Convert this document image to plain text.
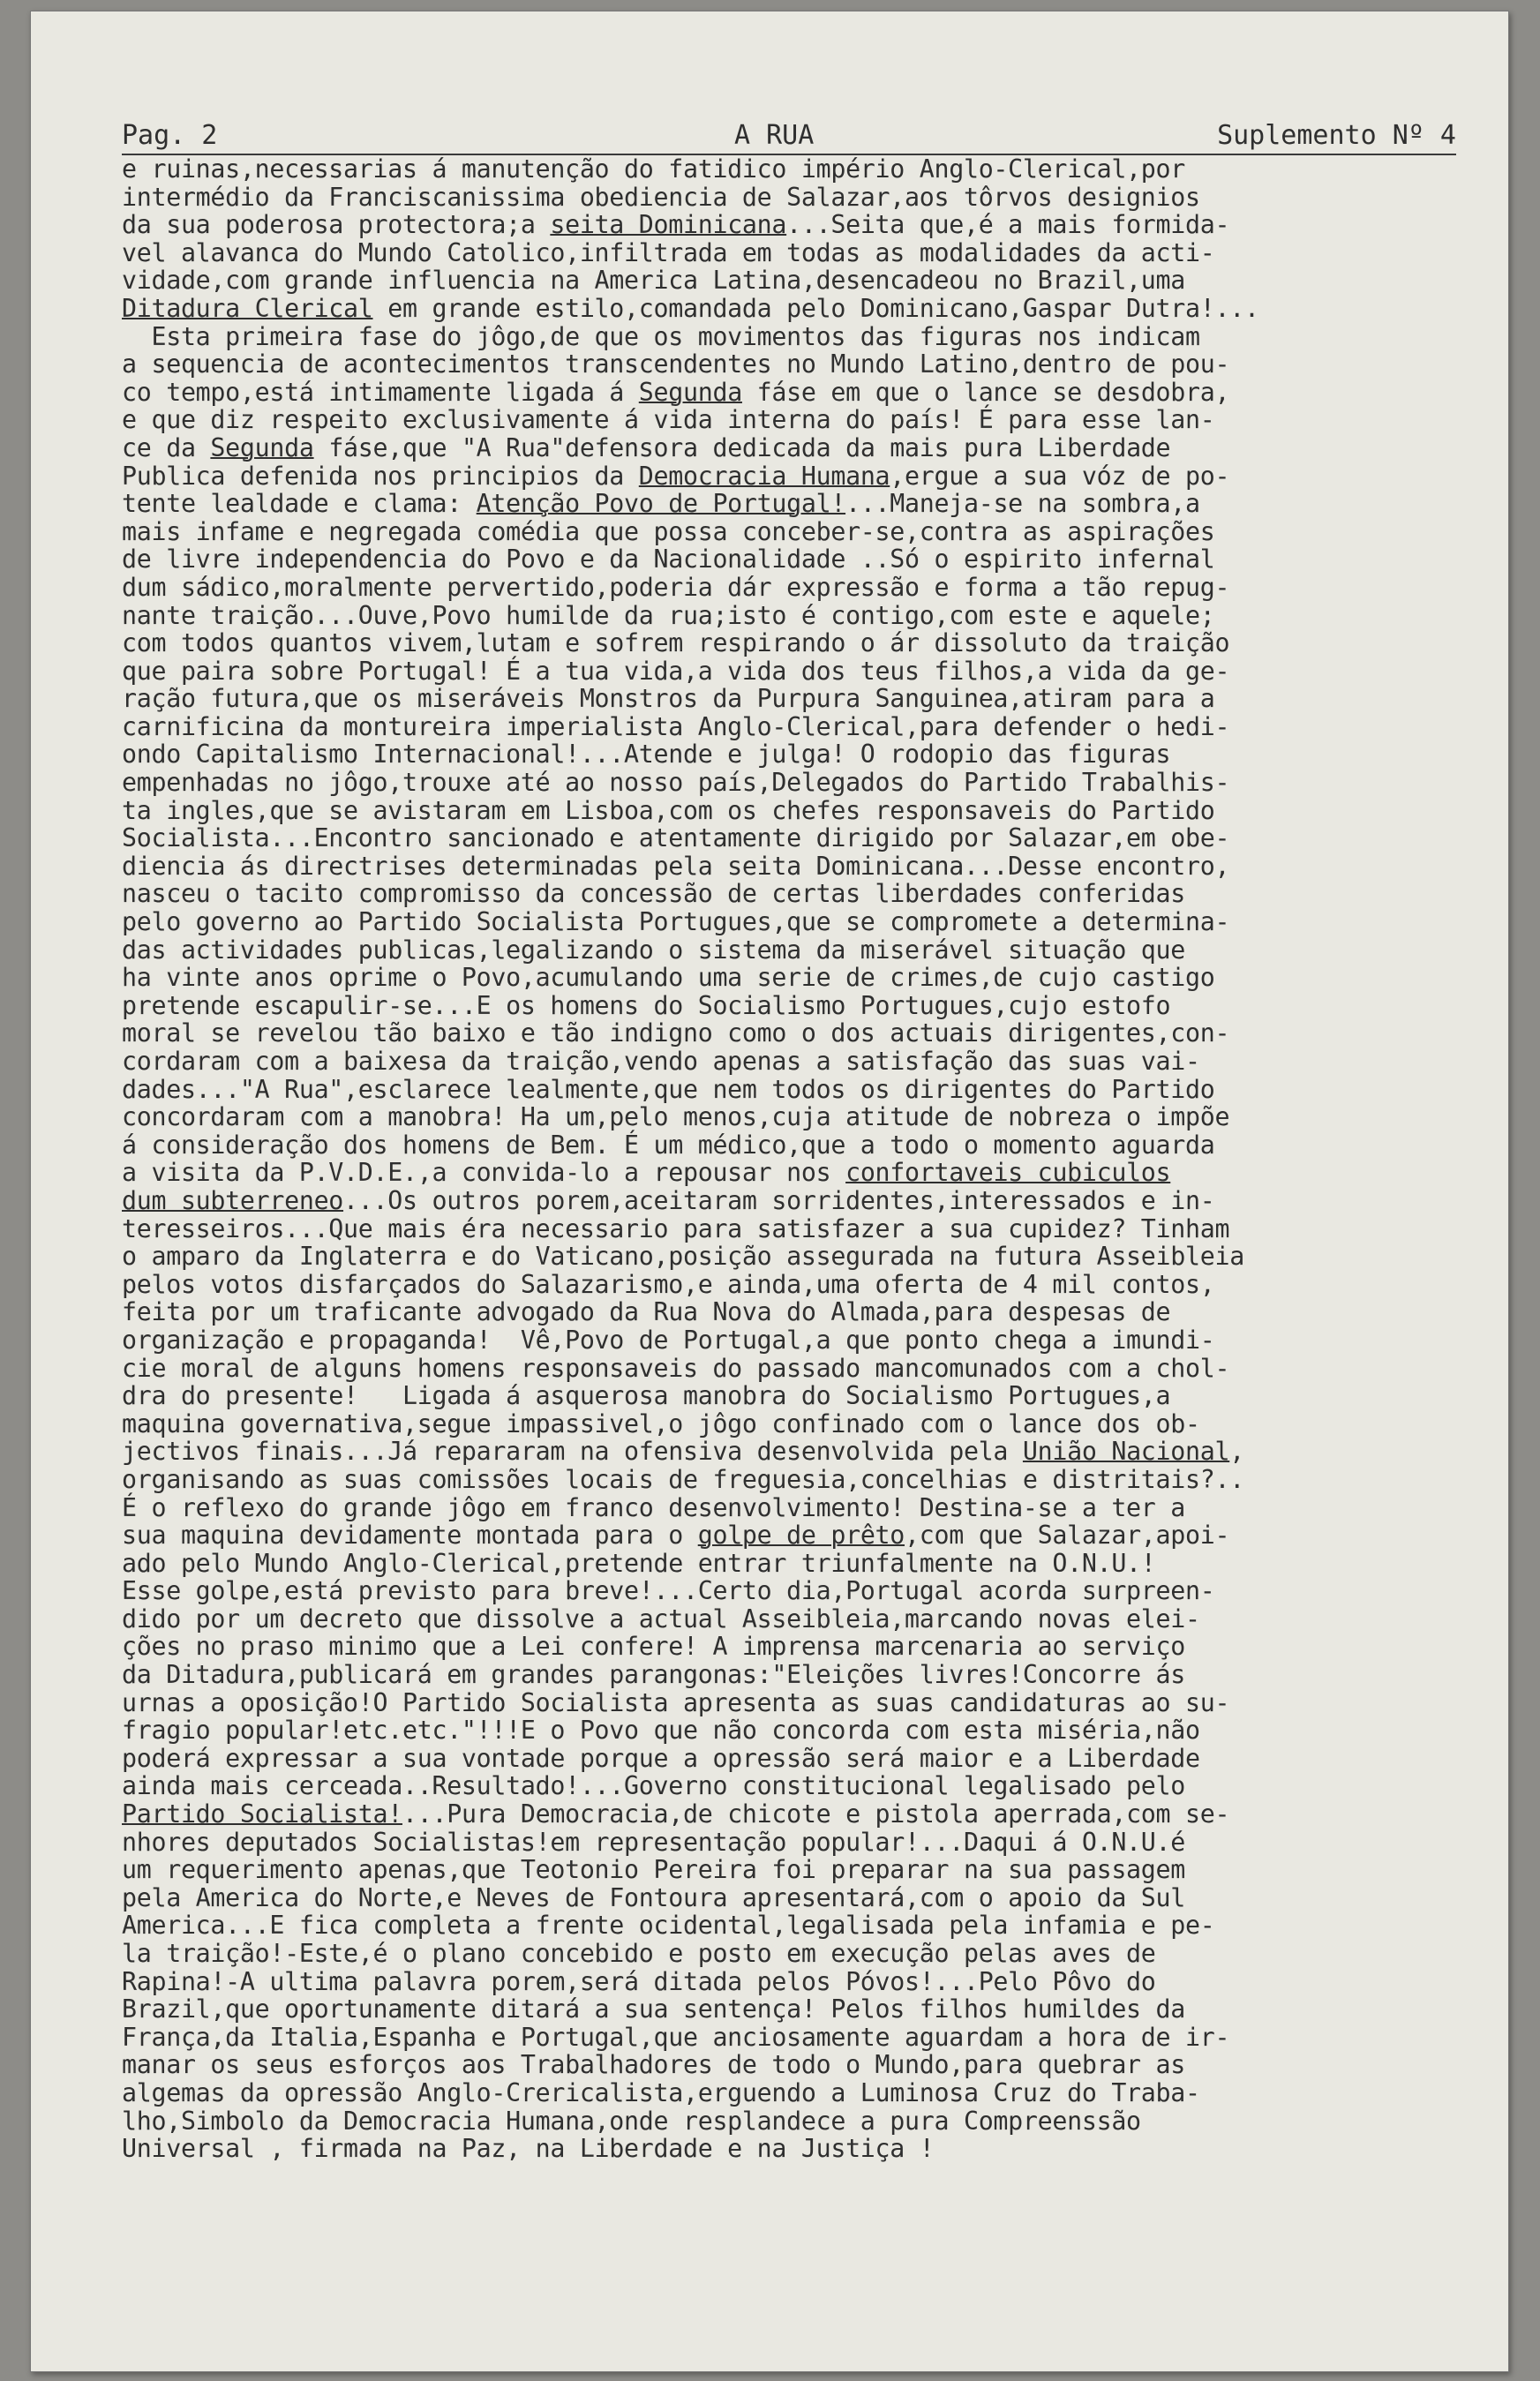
Pag. 2	A RUA	Suplemento Nº 4
e ruinas,necessarias á manutenção do fatidico império Anglo-Clerical,por
intermédio da Franciscanissima obediencia de Salazar,aos tôrvos designios
da sua poderosa protectora;a seita Dominicana...Seita que,é a mais formida-
vel alavanca do Mundo Catolico,infiltrada em todas as modalidades da acti-
vidade,com grande influencia na America Latina,desencadeou no Brazil,uma
Ditadura Clerical em grande estilo,comandada pelo Dominicano,Gaspar Dutra!...
Esta primeira fase do jôgo,de que os movimentos das figuras nos indicam
a sequencia de acontecimentos transcendentes no Mundo Latino,dentro de pou-
co tempo,está intimamente ligada á Segunda fáse em que o lance se desdobra,
e que diz respeito exclusivamente á vida interna do país! É para esse lan-
ce da Segunda fáse,que "A Rua"defensora dedicada da mais pura Liberdade
Publica defenida nos principios da Democracia Humana,ergue a sua vóz de po-
tente lealdade e clama: Atenção Povo de Portugal!...Maneja-se na sombra,a
mais infame e negregada comédia que possa conceber-se,contra as aspirações
de livre independencia do Povo e da Nacionalidade ..Só o espirito infernal
dum sádico,moralmente pervertido,poderia dár expressão e forma a tão repug-
nante traição...Ouve,Povo humilde da rua;isto é contigo,com este e aquele;
com todos quantos vivem,lutam e sofrem respirando o ár dissoluto da traição
que paira sobre Portugal! É a tua vida,a vida dos teus filhos,a vida da ge-
ração futura,que os miseráveis Monstros da Purpura Sanguinea,atiram para a
carnificina da montureira imperialista Anglo-Clerical,para defender o hedi-
ondo Capitalismo Internacional!...Atende e julga! O rodopio das figuras
empenhadas no jôgo,trouxe até ao nosso país,Delegados do Partido Trabalhis-
ta ingles,que se avistaram em Lisboa,com os chefes responsaveis do Partido
Socialista...Encontro sancionado e atentamente dirigido por Salazar,em obe-
diencia ás directrises determinadas pela seita Dominicana...Desse encontro,
nasceu o tacito compromisso da concessão de certas liberdades conferidas
pelo governo ao Partido Socialista Portugues,que se compromete a determina-
das actividades publicas,legalizando o sistema da miserável situação que
ha vinte anos oprime o Povo,acumulando uma serie de crimes,de cujo castigo
pretende escapulir-se...E os homens do Socialismo Portugues,cujo estofo
moral se revelou tão baixo e tão indigno como o dos actuais dirigentes,con-
cordaram com a baixesa da traição,vendo apenas a satisfação das suas vai-
dades..."A Rua",esclarece lealmente,que nem todos os dirigentes do Partido
concordaram com a manobra! Ha um,pelo menos,cuja atitude de nobreza o impõe
á consideração dos homens de Bem. É um médico,que a todo o momento aguarda
a visita da P.V.D.E.,a convida-lo a repousar nos confortaveis cubiculos
dum subterreneo...Os outros porem,aceitaram sorridentes,interessados e in-
teresseiros...Que mais éra necessario para satisfazer a sua cupidez? Tinham
o amparo da Inglaterra e do Vaticano,posição assegurada na futura Asseibleia
pelos votos disfarçados do Salazarismo,e ainda,uma oferta de 4 mil contos,
feita por um traficante advogado da Rua Nova do Almada,para despesas de
organização e propaganda!  Vê,Povo de Portugal,a que ponto chega a imundi-
cie moral de alguns homens responsaveis do passado mancomunados com a chol-
dra do presente!   Ligada á asquerosa manobra do Socialismo Portugues,a
maquina governativa,segue impassivel,o jôgo confinado com o lance dos ob-
jectivos finais...Já repararam na ofensiva desenvolvida pela União Nacional,
organisando as suas comissões locais de freguesia,concelhias e distritais?..
É o reflexo do grande jôgo em franco desenvolvimento! Destina-se a ter a
sua maquina devidamente montada para o golpe de prêto,com que Salazar,apoi-
ado pelo Mundo Anglo-Clerical,pretende entrar triunfalmente na O.N.U.!
Esse golpe,está previsto para breve!...Certo dia,Portugal acorda surpreen-
dido por um decreto que dissolve a actual Asseibleia,marcando novas elei-
ções no praso minimo que a Lei confere! A imprensa marcenaria ao serviço
da Ditadura,publicará em grandes parangonas:"Eleições livres!Concorre ás
urnas a oposição!O Partido Socialista apresenta as suas candidaturas ao su-
fragio popular!etc.etc."!!!E o Povo que não concorda com esta miséria,não
poderá expressar a sua vontade porque a opressão será maior e a Liberdade
ainda mais cerceada..Resultado!...Governo constitucional legalisado pelo
Partido Socialista!...Pura Democracia,de chicote e pistola aperrada,com se-
nhores deputados Socialistas!em representação popular!...Daqui á O.N.U.é
um requerimento apenas,que Teotonio Pereira foi preparar na sua passagem
pela America do Norte,e Neves de Fontoura apresentará,com o apoio da Sul
America...E fica completa a frente ocidental,legalisada pela infamia e pe-
la traição!-Este,é o plano concebido e posto em execução pelas aves de
Rapina!-A ultima palavra porem,será ditada pelos Póvos!...Pelo Pôvo do
Brazil,que oportunamente ditará a sua sentença! Pelos filhos humildes da
França,da Italia,Espanha e Portugal,que anciosamente aguardam a hora de ir-
manar os seus esforços aos Trabalhadores de todo o Mundo,para quebrar as
algemas da opressão Anglo-Crericalista,erguendo a Luminosa Cruz do Traba-
lho,Simbolo da Democracia Humana,onde resplandece a pura Compreenssão
Universal , firmada na Paz, na Liberdade e na Justiça !
